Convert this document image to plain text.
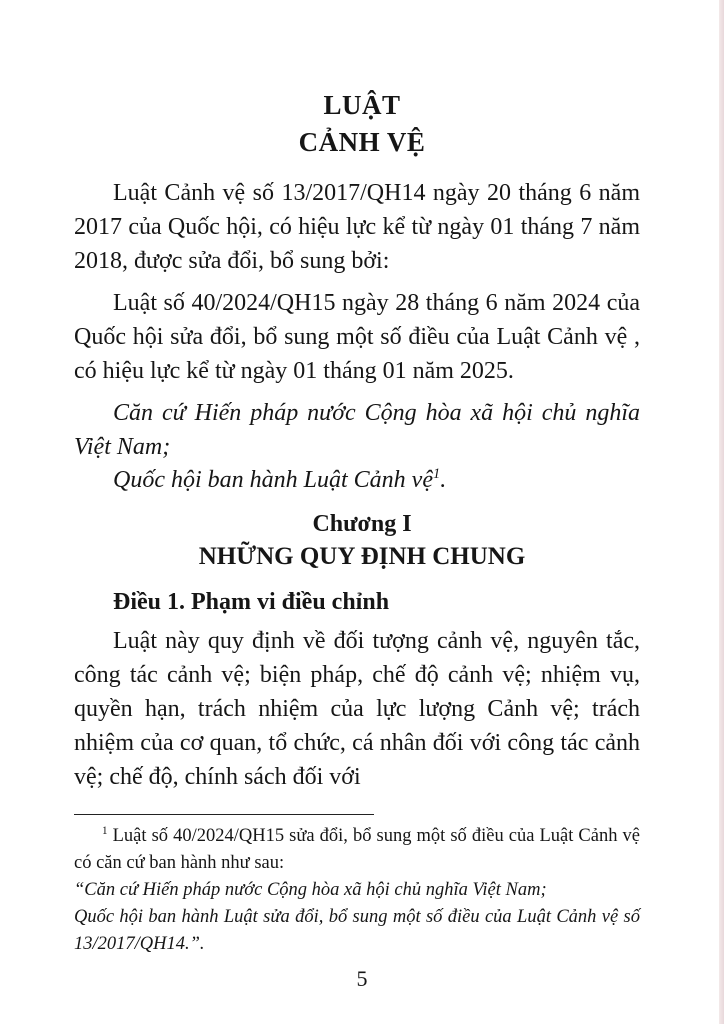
LUẬT
CẢNH VỆ

Luật Cảnh vệ số 13/2017/QH14 ngày 20 tháng 6 năm 2017 của Quốc hội, có hiệu lực kể từ ngày 01 tháng 7 năm 2018, được sửa đổi, bổ sung bởi:

Luật số 40/2024/QH15 ngày 28 tháng 6 năm 2024 của Quốc hội sửa đổi, bổ sung một số điều của Luật Cảnh vệ , có hiệu lực kể từ ngày 01 tháng 01 năm 2025.

Căn cứ Hiến pháp nước Cộng hòa xã hội chủ nghĩa Việt Nam;

Quốc hội ban hành Luật Cảnh vệ$^1$.

Chương I
NHỮNG QUY ĐỊNH CHUNG
Điều 1. Phạm vi điều chỉnh

Luật này quy định về đối tượng cảnh vệ, nguyên tắc, công tác cảnh vệ; biện pháp, chế độ cảnh vệ; nhiệm vụ, quyền hạn, trách nhiệm của lực lượng Cảnh vệ; trách nhiệm của cơ quan, tổ chức, cá nhân đối với công tác cảnh vệ; chế độ, chính sách đối với

$^1$ Luật số 40/2024/QH15 sửa đổi, bổ sung một số điều của Luật Cảnh vệ có căn cứ ban hành như sau:

“Căn cứ Hiến pháp nước Cộng hòa xã hội chủ nghĩa Việt Nam;

Quốc hội ban hành Luật sửa đổi, bổ sung một số điều của Luật Cảnh vệ số 13/2017/QH14.”.

5
